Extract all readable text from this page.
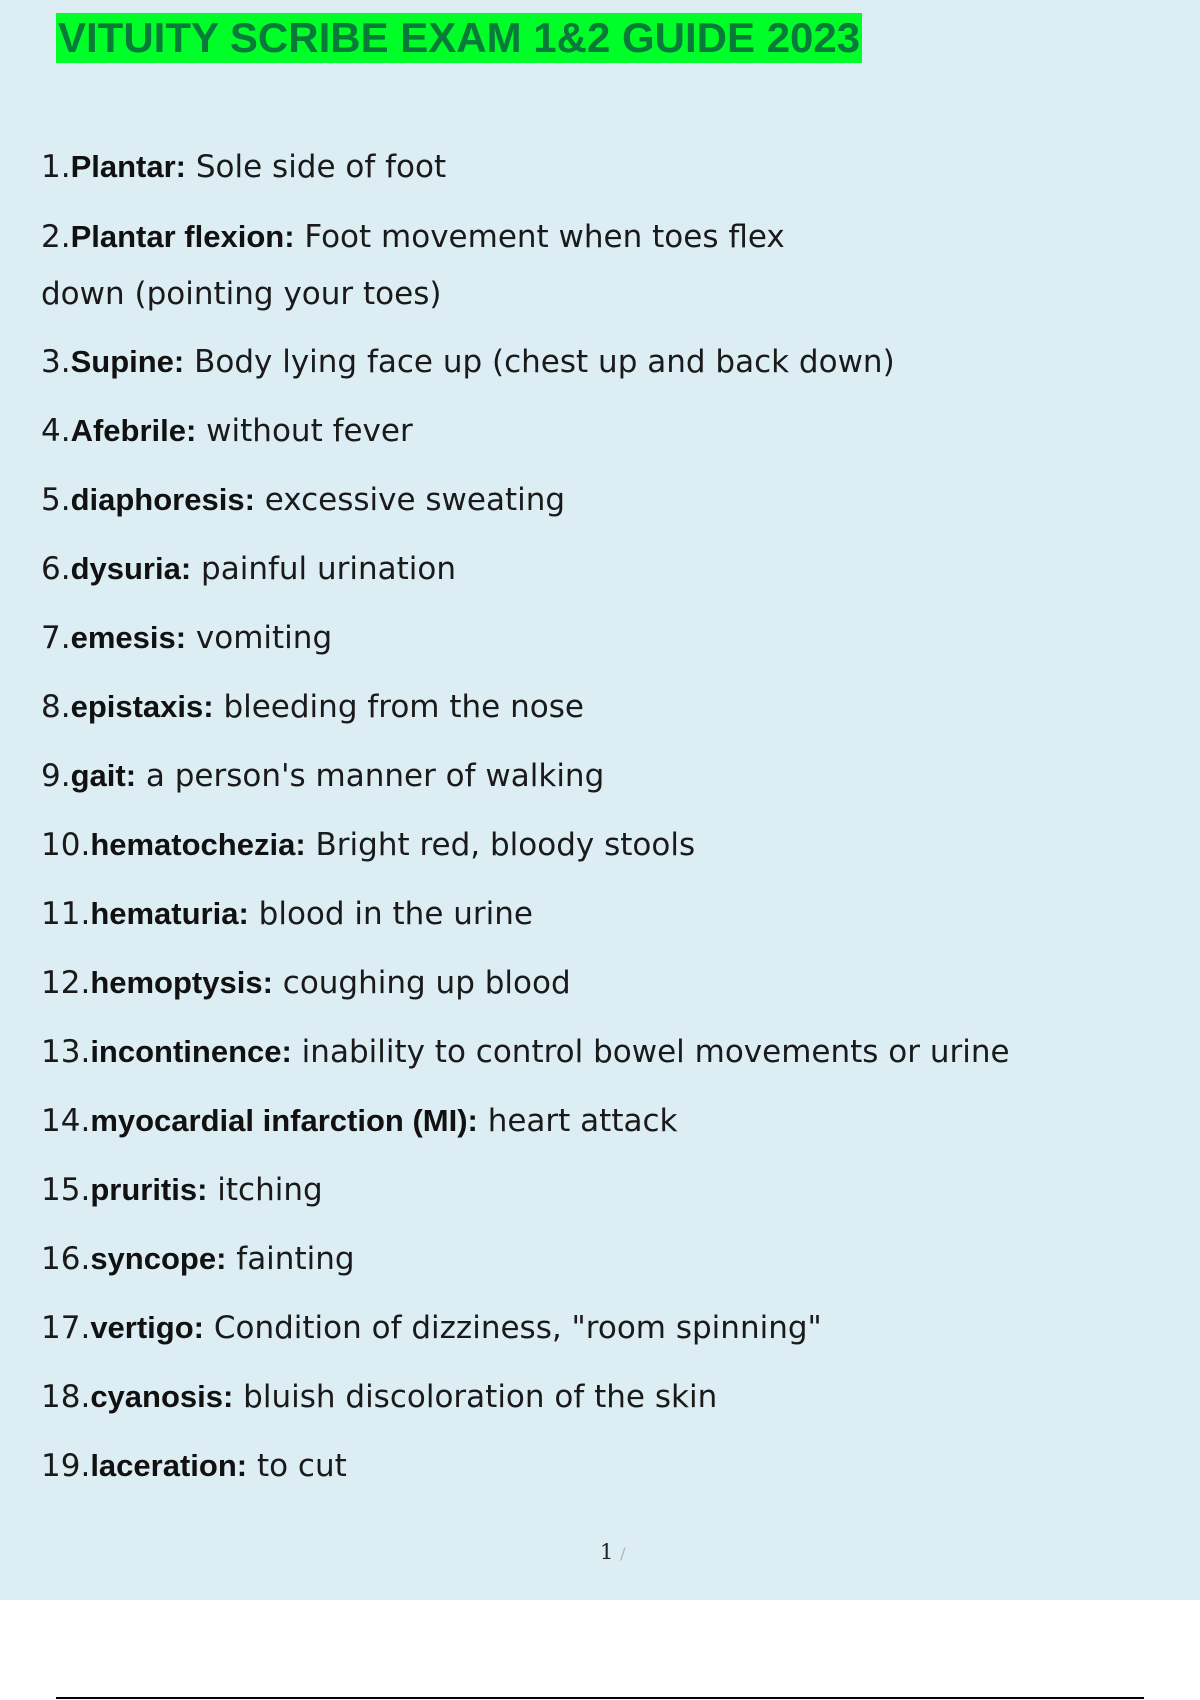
VITUITY SCRIBE EXAM 1&2 GUIDE 2023
1.Plantar: Sole side of foot
2.Plantar flexion: Foot movement when toes flex
down (pointing your toes)
3.Supine: Body lying face up (chest up and back down)
4.Afebrile: without fever
5.diaphoresis: excessive sweating
6.dysuria: painful urination
7.emesis: vomiting
8.epistaxis: bleeding from the nose
9.gait: a person's manner of walking
10.hematochezia: Bright red, bloody stools
11.hematuria: blood in the urine
12.hemoptysis: coughing up blood
13.incontinence: inability to control bowel movements or urine
14.myocardial infarction (MI): heart attack
15.pruritis: itching
16.syncope: fainting
17.vertigo: Condition of dizziness, "room spinning"
18.cyanosis: bluish discoloration of the skin
19.laceration: to cut
1 /
